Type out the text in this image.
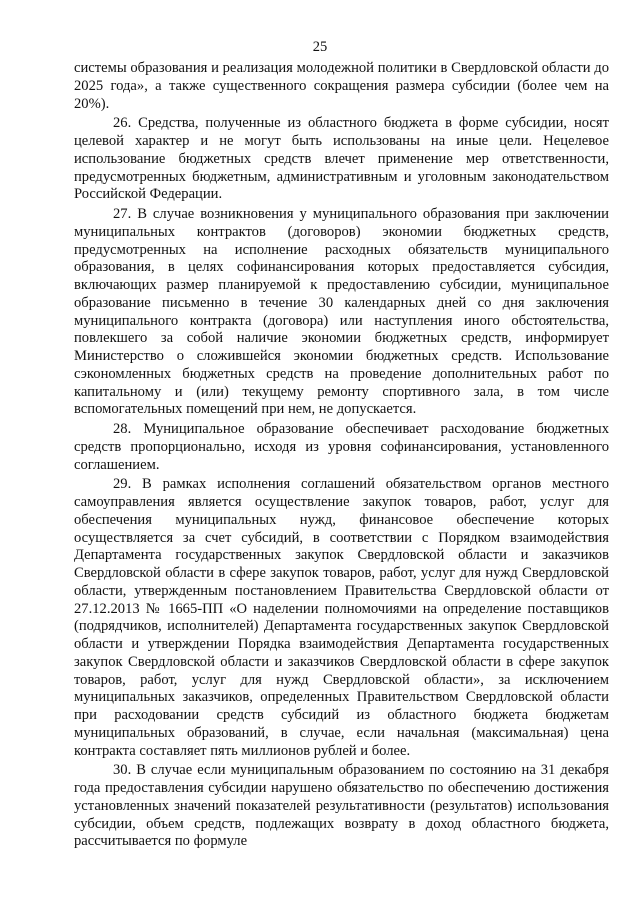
25

системы образования и реализация молодежной политики в Свердловской области до 2025 года», а также существенного сокращения размера субсидии (более чем на 20%).

26. Средства, полученные из областного бюджета в форме субсидии, носят целевой характер и не могут быть использованы на иные цели. Нецелевое использование бюджетных средств влечет применение мер ответственности, предусмотренных бюджетным, административным и уголовным законодательством Российской Федерации.

27. В случае возникновения у муниципального образования при заключении муниципальных контрактов (договоров) экономии бюджетных средств, предусмотренных на исполнение расходных обязательств муниципального образования, в целях софинансирования которых предоставляется субсидия, включающих размер планируемой к предоставлению субсидии, муниципальное образование письменно в течение 30 календарных дней со дня заключения муниципального контракта (договора) или наступления иного обстоятельства, повлекшего за собой наличие экономии бюджетных средств, информирует Министерство о сложившейся экономии бюджетных средств. Использование сэкономленных бюджетных средств на проведение дополнительных работ по капитальному и (или) текущему ремонту спортивного зала, в том числе вспомогательных помещений при нем, не допускается.

28. Муниципальное образование обеспечивает расходование бюджетных средств пропорционально, исходя из уровня софинансирования, установленного соглашением.

29. В рамках исполнения соглашений обязательством органов местного самоуправления является осуществление закупок товаров, работ, услуг для обеспечения муниципальных нужд, финансовое обеспечение которых осуществляется за счет субсидий, в соответствии с Порядком взаимодействия Департамента государственных закупок Свердловской области и заказчиков Свердловской области в сфере закупок товаров, работ, услуг для нужд Свердловской области, утвержденным постановлением Правительства Свердловской области от 27.12.2013 № 1665-ПП «О наделении полномочиями на определение поставщиков (подрядчиков, исполнителей) Департамента государственных закупок Свердловской области и утверждении Порядка взаимодействия Департамента государственных закупок Свердловской области и заказчиков Свердловской области в сфере закупок товаров, работ, услуг для нужд Свердловской области», за исключением муниципальных заказчиков, определенных Правительством Свердловской области при расходовании средств субсидий из областного бюджета бюджетам муниципальных образований, в случае, если начальная (максимальная) цена контракта составляет пять миллионов рублей и более.

30. В случае если муниципальным образованием по состоянию на 31 декабря года предоставления субсидии нарушено обязательство по обеспечению достижения установленных значений показателей результативности (результатов) использования субсидии, объем средств, подлежащих возврату в доход областного бюджета, рассчитывается по формуле
